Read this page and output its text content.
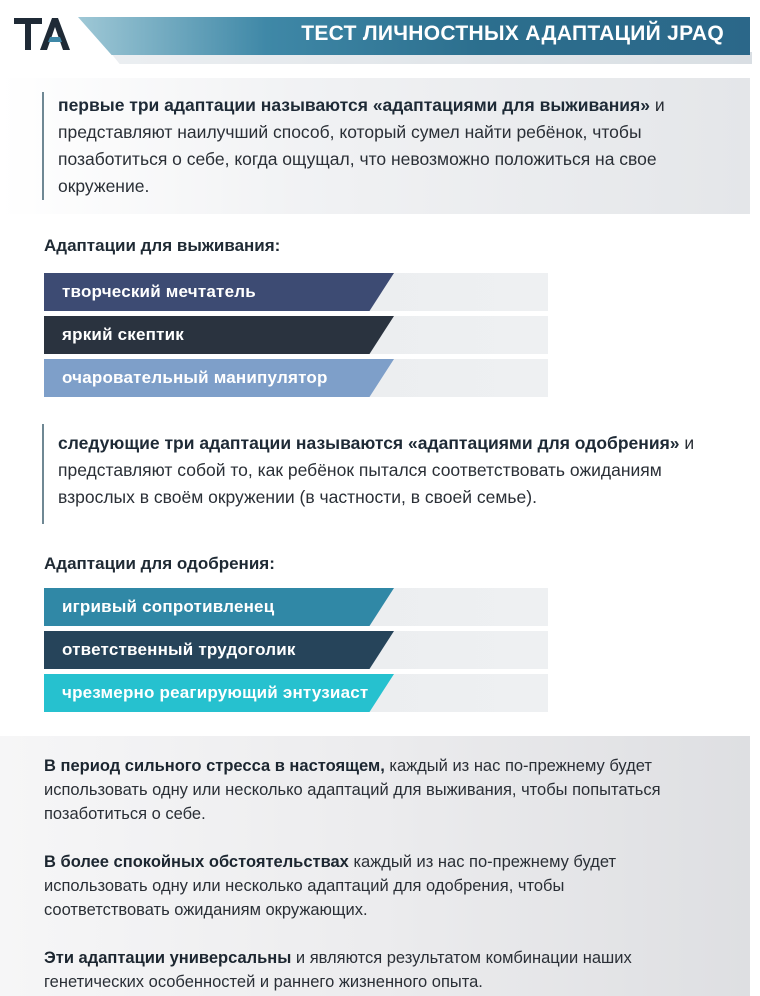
ТЕСТ ЛИЧНОСТНЫХ АДАПТАЦИЙ JPAQ
первые три адаптации называются «адаптациями для выживания» и представляют наилучший способ, который сумел найти ребёнок, чтобы позаботиться о себе, когда ощущал, что невозможно положиться на свое окружение.
Адаптации для выживания:
творческий мечтатель
яркий скептик
очаровательный манипулятор
следующие три адаптации называются «адаптациями для одобрения» и представляют собой то, как ребёнок пытался соответствовать ожиданиям взрослых в своём окружении (в частности, в своей семье).
Адаптации для одобрения:
игривый сопротивленец
ответственный трудоголик
чрезмерно реагирующий энтузиаст
В период сильного стресса в настоящем, каждый из нас по-прежнему будет использовать одну или несколько адаптаций для выживания, чтобы попытаться позаботиться о себе.
В более спокойных обстоятельствах каждый из нас по-прежнему будет использовать одну или несколько адаптаций для одобрения, чтобы соответствовать ожиданиям окружающих.
Эти адаптации универсальны и являются результатом комбинации наших генетических особенностей и раннего жизненного опыта.
